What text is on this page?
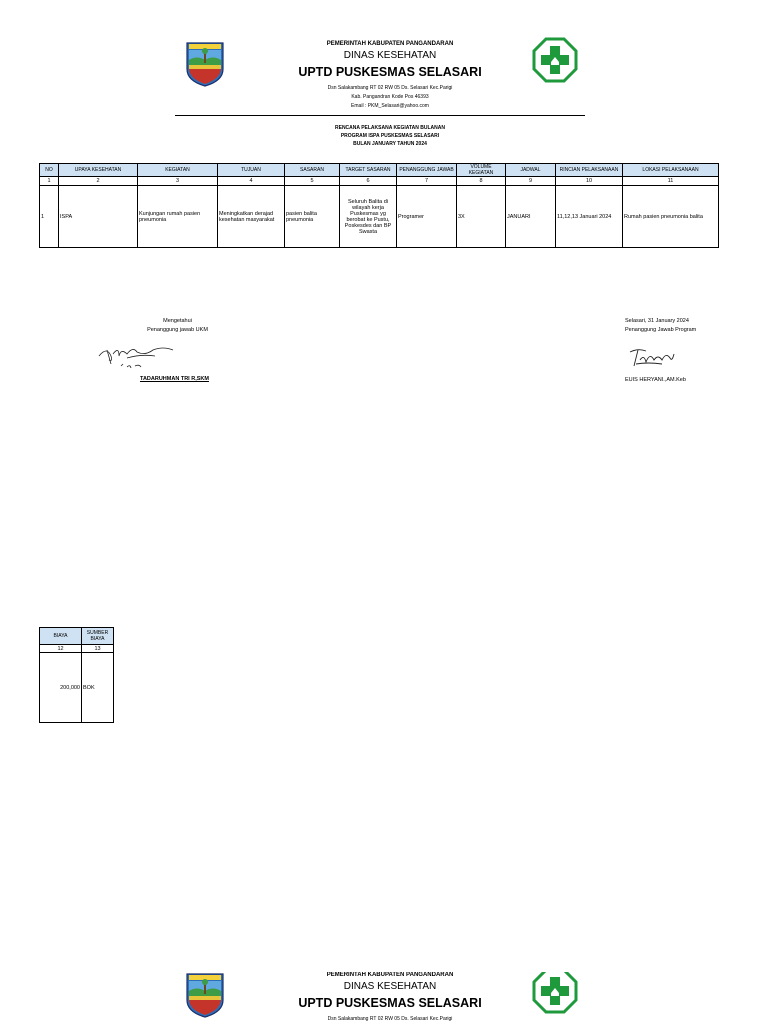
PEMERINTAH KABUPATEN PANGANDARAN
DINAS KESEHATAN
UPTD PUSKESMAS SELASARI
Dsn Salakambang RT 02 RW 05 Ds. Selasari Kec.Parigi
Kab. Pangandran Kode Pos 46393
Email : PKM_Selasari@yahoo.com
RENCANA PELAKSANA KEGIATAN BULANAN
PROGRAM ISPA PUSKESMAS SELASARI
BULAN JANUARY TAHUN 2024
NO	UPAYA KESEHATAN	KEGIATAN	TUJUAN	SASARAN	TARGET SASARAN	PENANGGUNG JAWAB	VOLUME KEGIATAN	JADWAL	RINCIAN PELAKSANAAN	LOKASI PELAKSANAAN
1	2	3	4	5	6	7	8	9	10	11
1	ISPA	Kunjungan rumah pasien pneumonia	Meningkatkan derajad kesehatan masyarakat	pasien balita pneumonia	Seluruh Balita di wilayah kerja Puskesmas yg berobat ke Pustu, Poskesdes dan BP Swasta	Programer	3X	JANUARI	11,12,13 Januari 2024	Rumah pasien pneumonia balita
Mengetahui
Penanggung jawab UKM
TADARUHMAN TRI R,SKM
Selasari, 31 January 2024
Penanggung Jawab Program
EUIS HERYANI.,AM.Keb
BIAYA	SUMBER BIAYA
12	13
200,000	BOK
PEMERINTAH KABUPATEN PANGANDARAN
DINAS KESEHATAN
UPTD PUSKESMAS SELASARI
Dsn Salakambang RT 02 RW 05 Ds. Selasari Kec.Parigi
